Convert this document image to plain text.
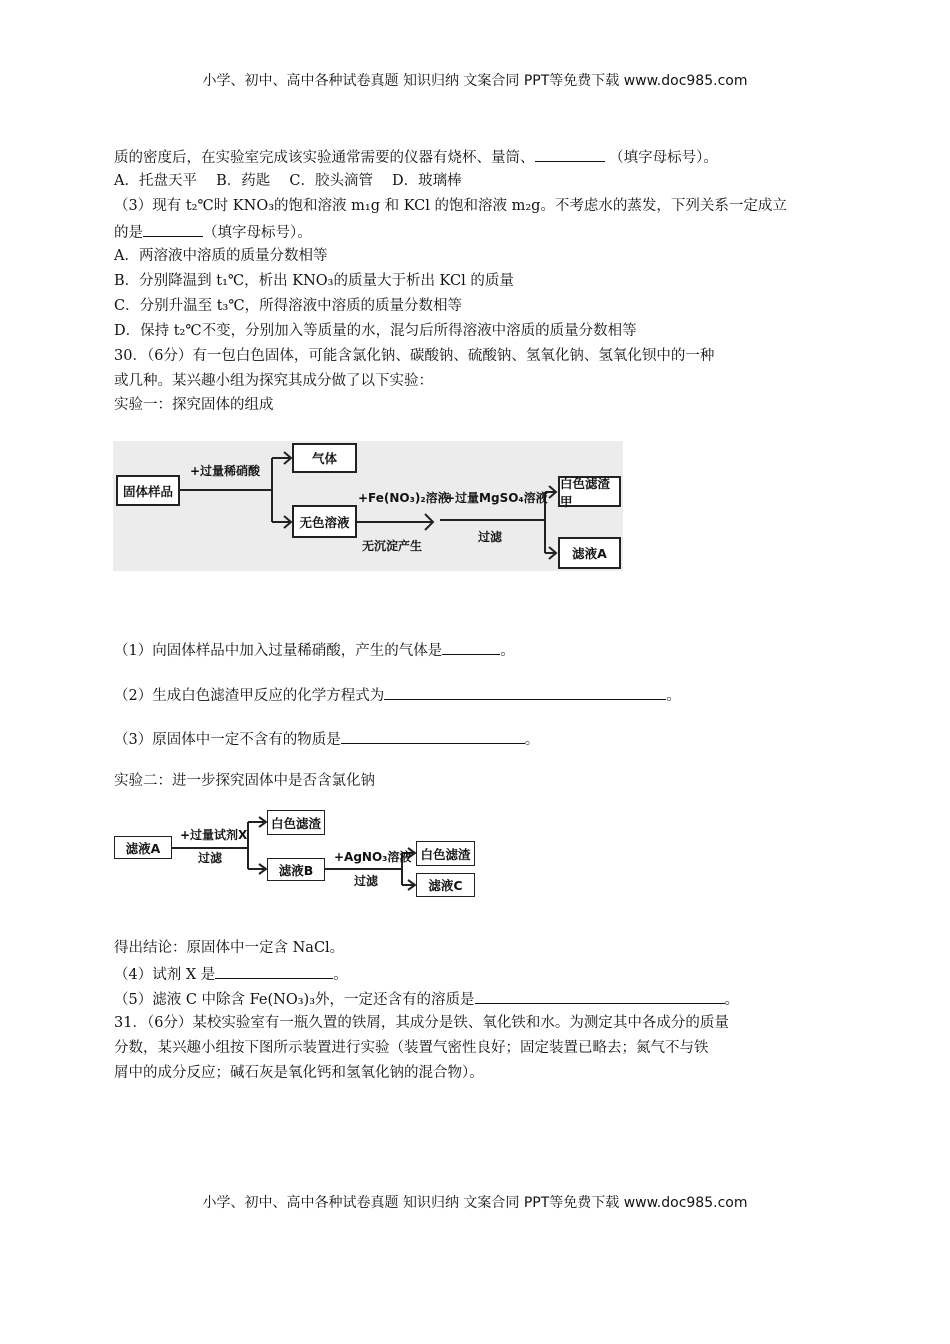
小学、初中、高中各种试卷真题 知识归纳 文案合同 PPT等免费下载 www.doc985.com
质的密度后，在实验室完成该实验通常需要的仪器有烧杯、量筒、	（填字母标号）。
A．托盘天平　 B．药匙　 C．胶头滴管　 D．玻璃棒
（3）现有 t₂℃时 KNO₃的饱和溶液 m₁g 和 KCl 的饱和溶液 m₂g。不考虑水的蒸发，下列关系一定成立
的是	（填字母标号）。
A．两溶液中溶质的质量分数相等
B．分别降温到 t₁℃，析出 KNO₃的质量大于析出 KCl 的质量
C．分别升温至 t₃℃，所得溶液中溶质的质量分数相等
D．保持 t₂℃不变，分别加入等质量的水，混匀后所得溶液中溶质的质量分数相等
30．（6分）有一包白色固体，可能含氯化钠、碳酸钠、硫酸钠、氢氧化钠、氢氧化钡中的一种
或几种。某兴趣小组为探究其成分做了以下实验：
实验一：探究固体的组成
固体样品
气体
无色溶液
白色滤渣甲
滤液A
+过量稀硝酸
+Fe(NO₃)₂溶液
无沉淀产生
+过量MgSO₄溶液
过滤
（1）向固体样品中加入过量稀硝酸，产生的气体是	。
（2）生成白色滤渣甲反应的化学方程式为	。
（3）原固体中一定不含有的物质是	。
实验二：进一步探究固体中是否含氯化钠
滤液A
白色滤渣
滤液B
白色滤渣
滤液C
+过量试剂X
过滤	+AgNO₃溶液
过滤
得出结论：原固体中一定含 NaCl。
（4）试剂 X 是	。
（5）滤液 C 中除含 Fe(NO₃)₃外，一定还含有的溶质是	。
31．（6分）某校实验室有一瓶久置的铁屑，其成分是铁、氧化铁和水。为测定其中各成分的质量
分数，某兴趣小组按下图所示装置进行实验（装置气密性良好；固定装置已略去；氮气不与铁
屑中的成分反应；碱石灰是氧化钙和氢氧化钠的混合物）。
小学、初中、高中各种试卷真题 知识归纳 文案合同 PPT等免费下载 www.doc985.com
